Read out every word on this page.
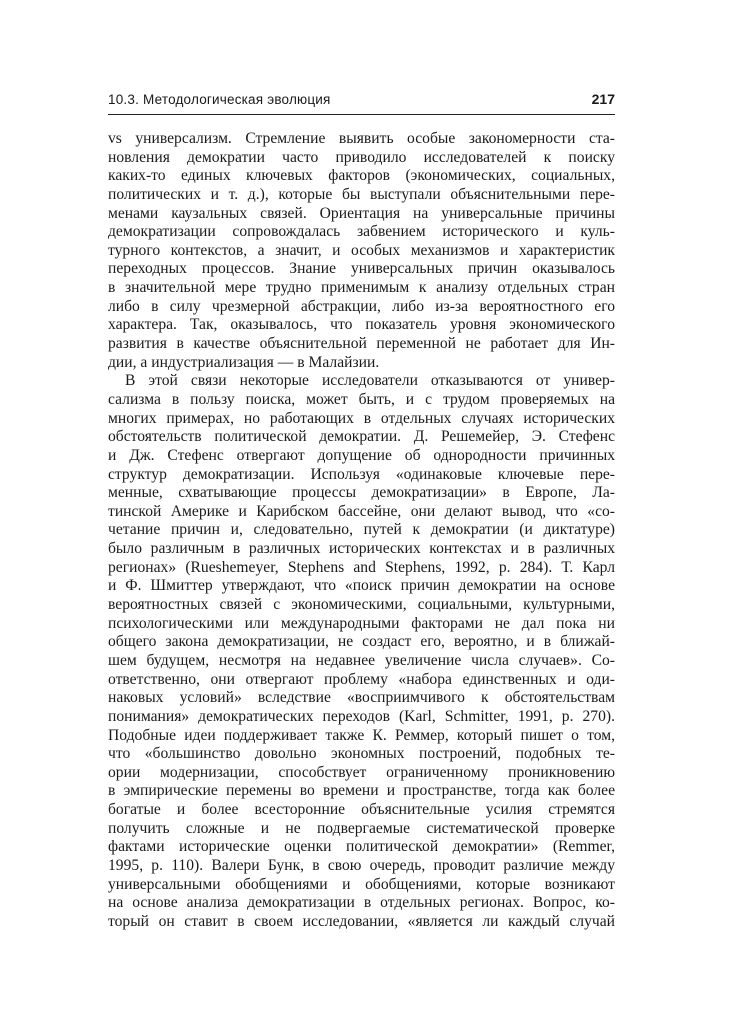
10.3. Методологическая эволюция	217
vs универсализм. Стремление выявить особые закономерности ста-
новления демократии часто приводило исследователей к поиску
каких-то единых ключевых факторов (экономических, социальных,
политических и т. д.), которые бы выступали объяснительными пере-
менами каузальных связей. Ориентация на универсальные причины
демократизации сопровождалась забвением исторического и куль-
турного контекстов, а значит, и особых механизмов и характеристик
переходных процессов. Знание универсальных причин оказывалось
в значительной мере трудно применимым к анализу отдельных стран
либо в силу чрезмерной абстракции, либо из-за вероятностного его
характера. Так, оказывалось, что показатель уровня экономического
развития в качестве объяснительной переменной не работает для Ин-
дии, а индустриализация — в Малайзии.
В этой связи некоторые исследователи отказываются от универ-
сализма в пользу поиска, может быть, и с трудом проверяемых на
многих примерах, но работающих в отдельных случаях исторических
обстоятельств политической демократии. Д. Решемейер, Э. Стефенс
и Дж. Стефенс отвергают допущение об однородности причинных
структур демократизации. Используя «одинаковые ключевые пере-
менные, схватывающие процессы демократизации» в Европе, Ла-
тинской Америке и Карибском бассейне, они делают вывод, что «со-
четание причин и, следовательно, путей к демократии (и диктатуре)
было различным в различных исторических контекстах и в различных
регионах» (Rueshemeyer, Stephens and Stephens, 1992, p. 284). Т. Карл
и Ф. Шмиттер утверждают, что «поиск причин демократии на основе
вероятностных связей с экономическими, социальными, культурными,
психологическими или международными факторами не дал пока ни
общего закона демократизации, не создаст его, вероятно, и в ближай-
шем будущем, несмотря на недавнее увеличение числа случаев». Со-
ответственно, они отвергают проблему «набора единственных и оди-
наковых условий» вследствие «восприимчивого к обстоятельствам
понимания» демократических переходов (Karl, Schmitter, 1991, p. 270).
Подобные идеи поддерживает также К. Реммер, который пишет о том,
что «большинство довольно экономных построений, подобных те-
ории модернизации, способствует ограниченному проникновению
в эмпирические перемены во времени и пространстве, тогда как более
богатые и более всесторонние объяснительные усилия стремятся
получить сложные и не подвергаемые систематической проверке
фактами исторические оценки политической демократии» (Remmer,
1995, p. 110). Валери Бунк, в свою очередь, проводит различие между
универсальными обобщениями и обобщениями, которые возникают
на основе анализа демократизации в отдельных регионах. Вопрос, ко-
торый он ставит в своем исследовании, «является ли каждый случай
